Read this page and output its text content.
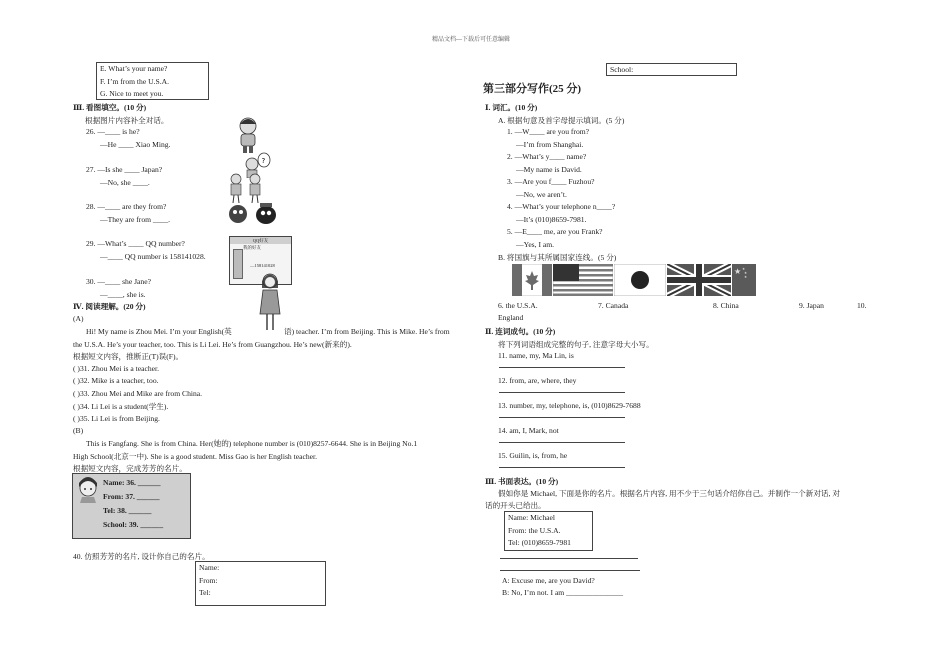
精品文档---下载后可任意编辑
E. What’s your name?
F. I’m from the U.S.A.
G. Nice to meet you.
Ⅲ. 看图填空。(10 分)
根据图片内容补全对话。
26. —____ is he?
—He ____ Xiao Ming.
27. —Is she ____ Japan?
—No, she ____.
28. —____ are they from?
—They are from ____.
29. —What’s ____ QQ number?
—____ QQ number is 158141028.
30. —____ she Jane?
—____, she is.
?
QQ好友
我的好友
—158141028
Ⅳ. 阅读理解。(20 分)
(A)
Hi! My name is Zhou Mei. I’m your English(英	语) teacher. I’m from Beijing. This is Mike. He’s from
the U.S.A. He’s your teacher, too. This is Li Lei. He’s from Guangzhou. He’s new(新来的).
根据短文内容，推断正(T)误(F)。
( )31. Zhou Mei is a teacher.
( )32. Mike is a teacher, too.
( )33. Zhou Mei and Mike are from China.
( )34. Li Lei is a student(学生).
( )35. Li Lei is from Beijing.
(B)
This is Fangfang. She is from China. Her(她的) telephone number is (010)8257-6644. She is in Beijing No.1
High School(北京一中). She is a good student. Miss Gao is her English teacher.
根据短文内容，完成芳芳的名片。
Name: 36. ______
From: 37. ______
Tel: 38. ______
School: 39. ______
40. 仿照芳芳的名片, 设计你自己的名片。
Name:
From:
Tel:
School:
第三部分写作(25 分)
Ⅰ. 词汇。(10 分)
A. 根据句意及首字母提示填词。(5 分)
1. —W____ are you from?
—I’m from Shanghai.
2. —What’s y____ name?
—My name is David.
3. —Are you f____ Fuzhou?
—No, we aren’t.
4. —What’s your telephone n____?
—It’s (010)8659-7981.
5. —E____ me, are you Frank?
—Yes, I am.
B. 将国旗与其所属国家连线。(5 分)
★ ★
★
★
6. the U.S.A.	7. Canada	8. China	9. Japan	10.
England
Ⅱ. 连词成句。(10 分)
将下列词语组成完整的句子, 注意字母大小写。
11. name, my, Ma Lin, is
12. from, are, where, they
13. number, my, telephone, is, (010)8629-7688
14. am, I, Mark, not
15. Guilin, is, from, he
Ⅲ. 书面表达。(10 分)
假如你是 Michael, 下面是你的名片。根据名片内容, 用不少于三句话介绍你自己。并制作一个新对话, 对
话的开头已给出。
Name: Michael
From: the U.S.A.
Tel: (010)8659-7981
A: Excuse me, are you David?
B: No, I’m not. I am _______________
